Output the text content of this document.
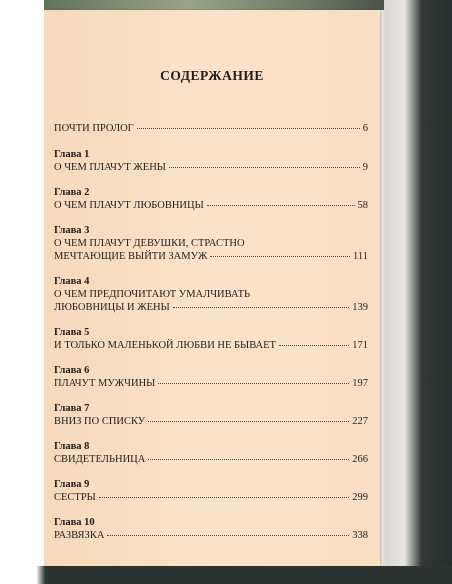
СОДЕРЖАНИЕ
ПОЧТИ ПРОЛОГ	6
Глава 1
О ЧЕМ ПЛАЧУТ ЖЕНЫ	9
Глава 2
О ЧЕМ ПЛАЧУТ ЛЮБОВНИЦЫ	58
Глава 3
О ЧЕМ ПЛАЧУТ ДЕВУШКИ, СТРАСТНО
МЕЧТАЮЩИЕ ВЫЙТИ ЗАМУЖ	111
Глава 4
О ЧЕМ ПРЕДПОЧИТАЮТ УМАЛЧИВАТЬ
ЛЮБОВНИЦЫ И ЖЕНЫ	139
Глава 5
И ТОЛЬКО МАЛЕНЬКОЙ ЛЮБВИ НЕ БЫВАЕТ	171
Глава 6
ПЛАЧУТ МУЖЧИНЫ	197
Глава 7
ВНИЗ ПО СПИСКУ	227
Глава 8
СВИДЕТЕЛЬНИЦА	266
Глава 9
СЕСТРЫ	299
Глава 10
РАЗВЯЗКА	338
